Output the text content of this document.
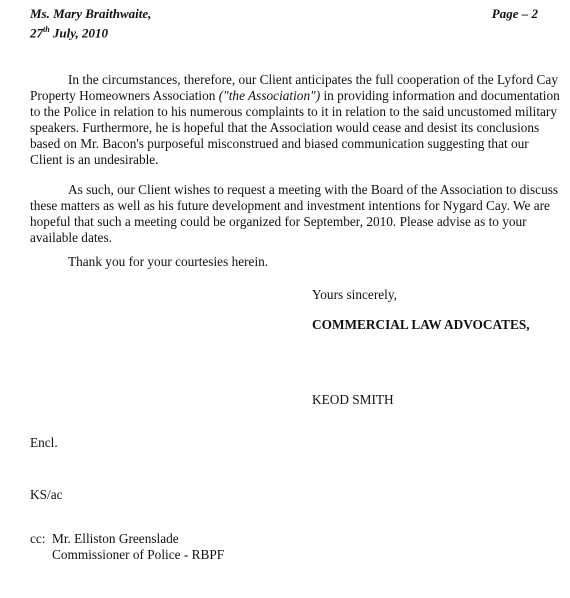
Ms. Mary Braithwaite,
27th July, 2010
Page – 2

In the circumstances, therefore, our Client anticipates the full cooperation of the Lyford Cay Property Homeowners Association ("the Association") in providing information and documentation to the Police in relation to his numerous complaints to it in relation to the said uncustomed military speakers. Furthermore, he is hopeful that the Association would cease and desist its conclusions based on Mr. Bacon's purposeful misconstrued and biased communication suggesting that our Client is an undesirable.

As such, our Client wishes to request a meeting with the Board of the Association to discuss these matters as well as his future development and investment intentions for Nygard Cay. We are hopeful that such a meeting could be organized for September, 2010. Please advise as to your available dates.

Thank you for your courtesies herein.

Yours sincerely,
COMMERCIAL LAW ADVOCATES,
KEOD SMITH
Encl.
KS/ac
cc: Mr. Elliston Greenslade
Commissioner of Police - RBPF
